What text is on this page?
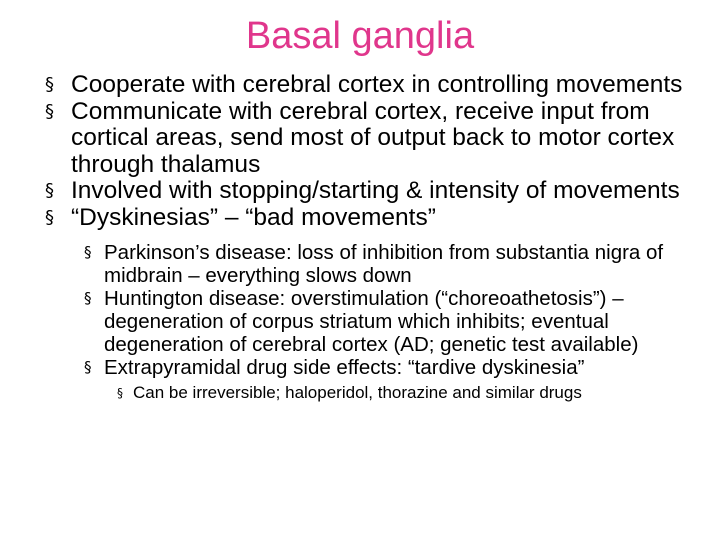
Basal ganglia
§ Cooperate with cerebral cortex in controlling movements
§ Communicate with cerebral cortex, receive input from cortical areas, send most of output back to motor cortex through thalamus
§ Involved with stopping/starting & intensity of movements
§ “Dyskinesias” – “bad movements”
§ Parkinson’s disease: loss of inhibition from substantia nigra of midbrain – everything slows down
§ Huntington disease: overstimulation (“choreoathetosis”) – degeneration of corpus striatum which inhibits; eventual degeneration of cerebral cortex (AD; genetic test available)
§ Extrapyramidal drug side effects: “tardive dyskinesia”
§ Can be irreversible; haloperidol, thorazine and similar drugs
